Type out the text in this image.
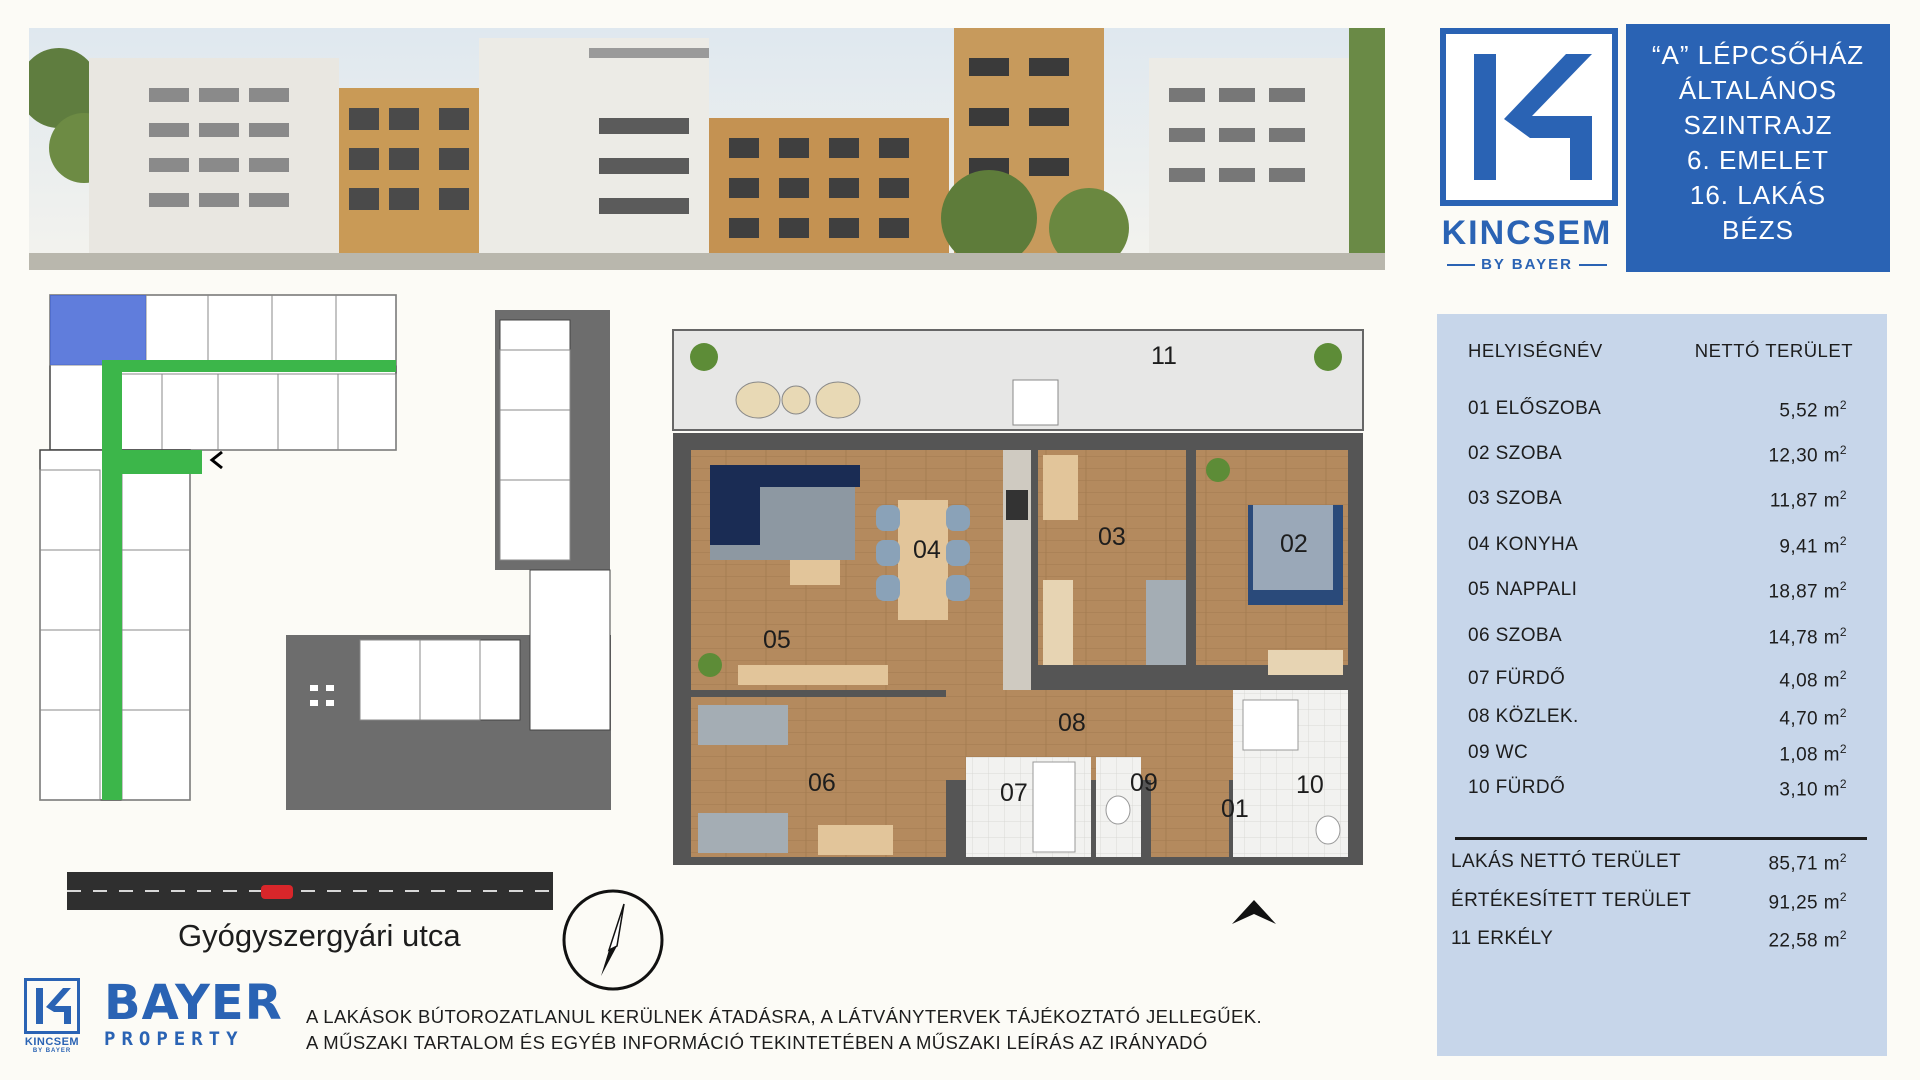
KINCSEM
BY BAYER
“A” LÉPCSŐHÁZ
ÁLTALÁNOS
SZINTRAJZ
6. EMELET
16. LAKÁS
BÉZS
11
04	03	02
05
08
06	07	09
01
10
Gyógyszergyári utca
KINCSEM
BY BAYER
BAYER
PROPERTY
A LAKÁSOK BÚTOROZATLANUL KERÜLNEK ÁTADÁSRA, A LÁTVÁNYTERVEK TÁJÉKOZTATÓ JELLEGŰEK.
A MŰSZAKI TARTALOM ÉS EGYÉB INFORMÁCIÓ TEKINTETÉBEN A MŰSZAKI LEÍRÁS AZ IRÁNYADÓ
HELYISÉGNÉV	NETTÓ TERÜLET
01 ELŐSZOBA	5,52 $m^2$
02 SZOBA	12,30 $m^2$
03 SZOBA	11,87 $m^2$
04 KONYHA	9,41 $m^2$
05 NAPPALI	18,87 $m^2$
06 SZOBA	14,78 $m^2$
07 FÜRDŐ	4,08 $m^2$
08 KÖZLEK.	4,70 $m^2$
09 WC	1,08 $m^2$
10 FÜRDŐ	3,10 $m^2$
LAKÁS NETTÓ TERÜLET	85,71 $m^2$
ÉRTÉKESÍTETT TERÜLET	91,25 $m^2$
11 ERKÉLY	22,58 $m^2$
